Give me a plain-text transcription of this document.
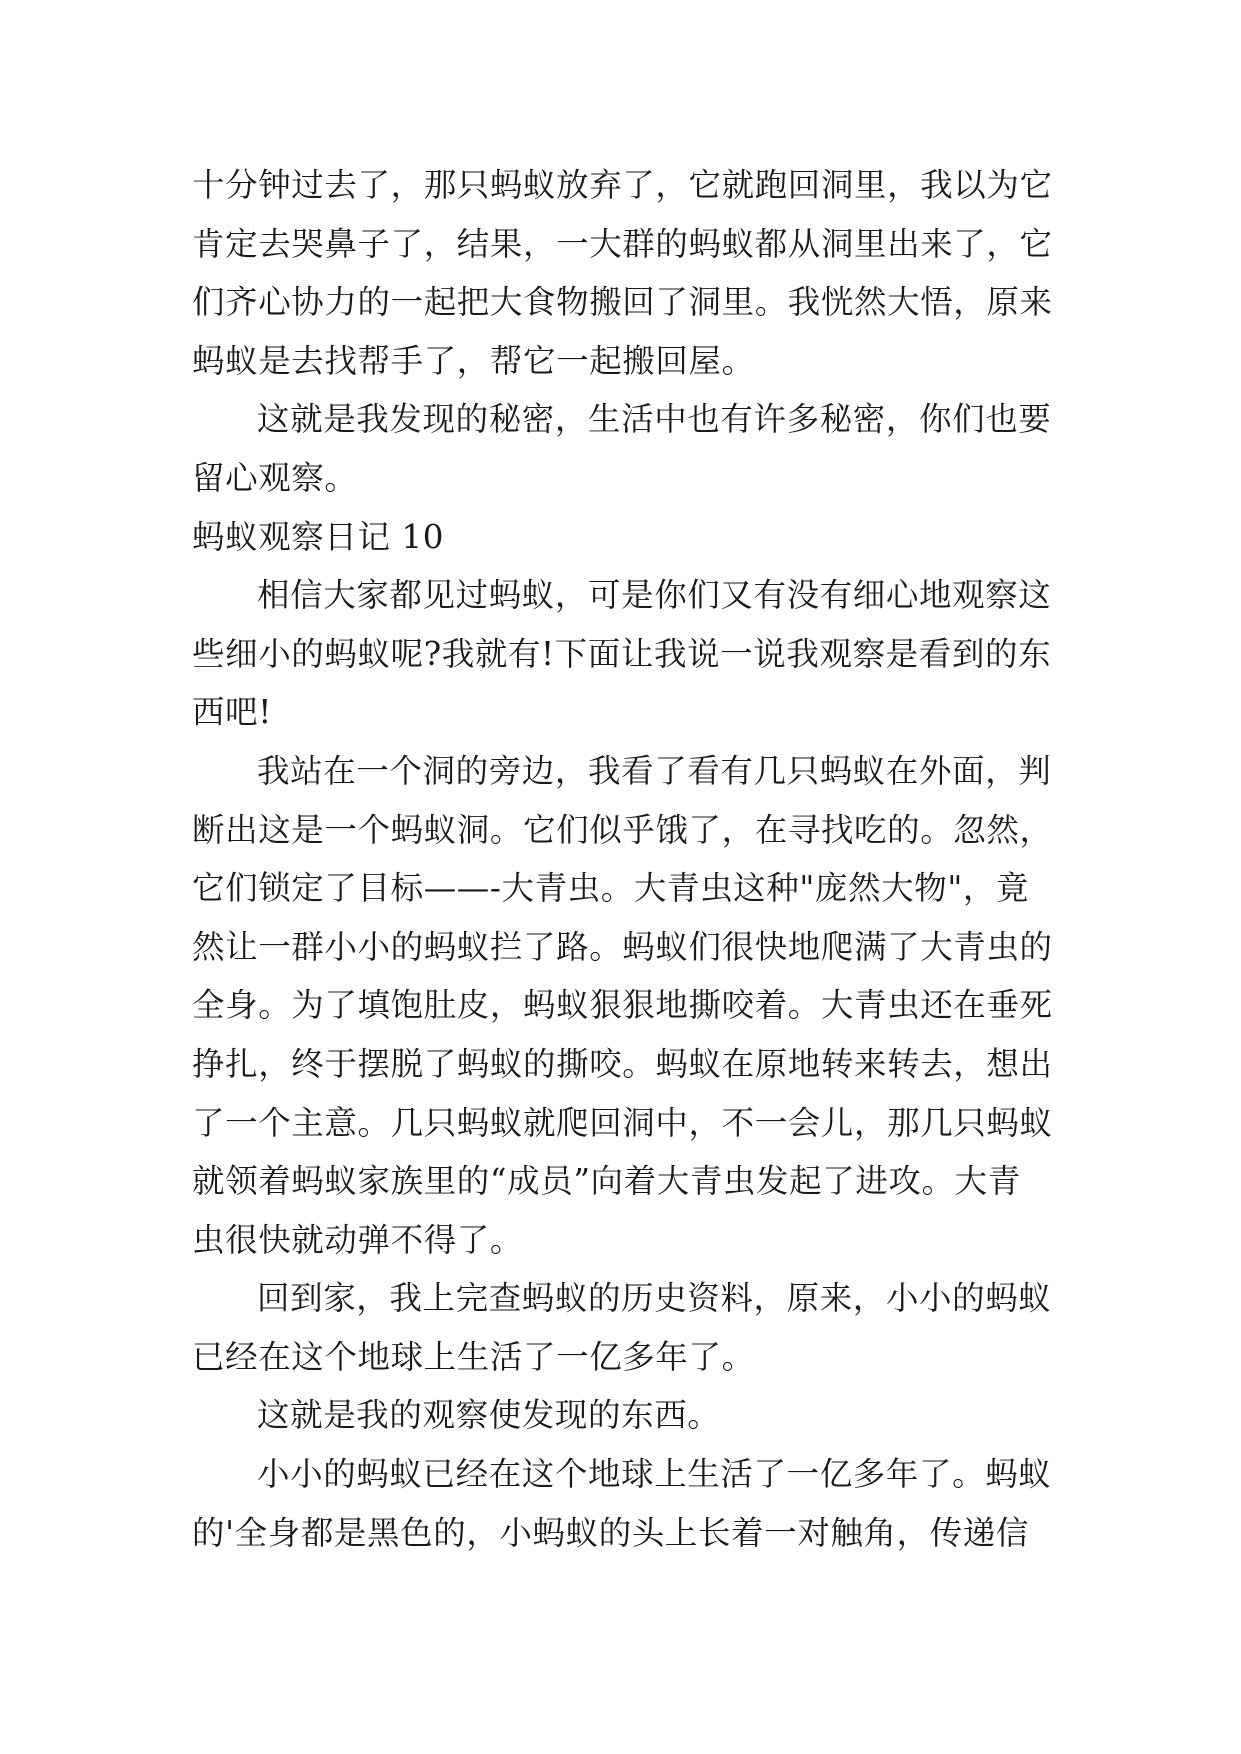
十分钟过去了，那只蚂蚁放弃了，它就跑回洞里，我以为它
肯定去哭鼻子了，结果，一大群的蚂蚁都从洞里出来了，它
们齐心协力的一起把大食物搬回了洞里。我恍然大悟，原来
蚂蚁是去找帮手了，帮它一起搬回屋。
这就是我发现的秘密，生活中也有许多秘密，你们也要
留心观察。
蚂蚁观察日记 10
相信大家都见过蚂蚁，可是你们又有没有细心地观察这
些细小的蚂蚁呢?我就有!下面让我说一说我观察是看到的东
西吧!
我站在一个洞的旁边，我看了看有几只蚂蚁在外面，判
断出这是一个蚂蚁洞。它们似乎饿了，在寻找吃的。忽然，
它们锁定了目标——-大青虫。大青虫这种"庞然大物"，竟
然让一群小小的蚂蚁拦了路。蚂蚁们很快地爬满了大青虫的
全身。为了填饱肚皮，蚂蚁狠狠地撕咬着。大青虫还在垂死
挣扎，终于摆脱了蚂蚁的撕咬。蚂蚁在原地转来转去，想出
了一个主意。几只蚂蚁就爬回洞中，不一会儿，那几只蚂蚁
就领着蚂蚁家族里的“成员”向着大青虫发起了进攻。大青
虫很快就动弹不得了。
回到家，我上完查蚂蚁的历史资料，原来，小小的蚂蚁
已经在这个地球上生活了一亿多年了。
这就是我的观察使发现的东西。
小小的蚂蚁已经在这个地球上生活了一亿多年了。蚂蚁
的'全身都是黑色的，小蚂蚁的头上长着一对触角，传递信
